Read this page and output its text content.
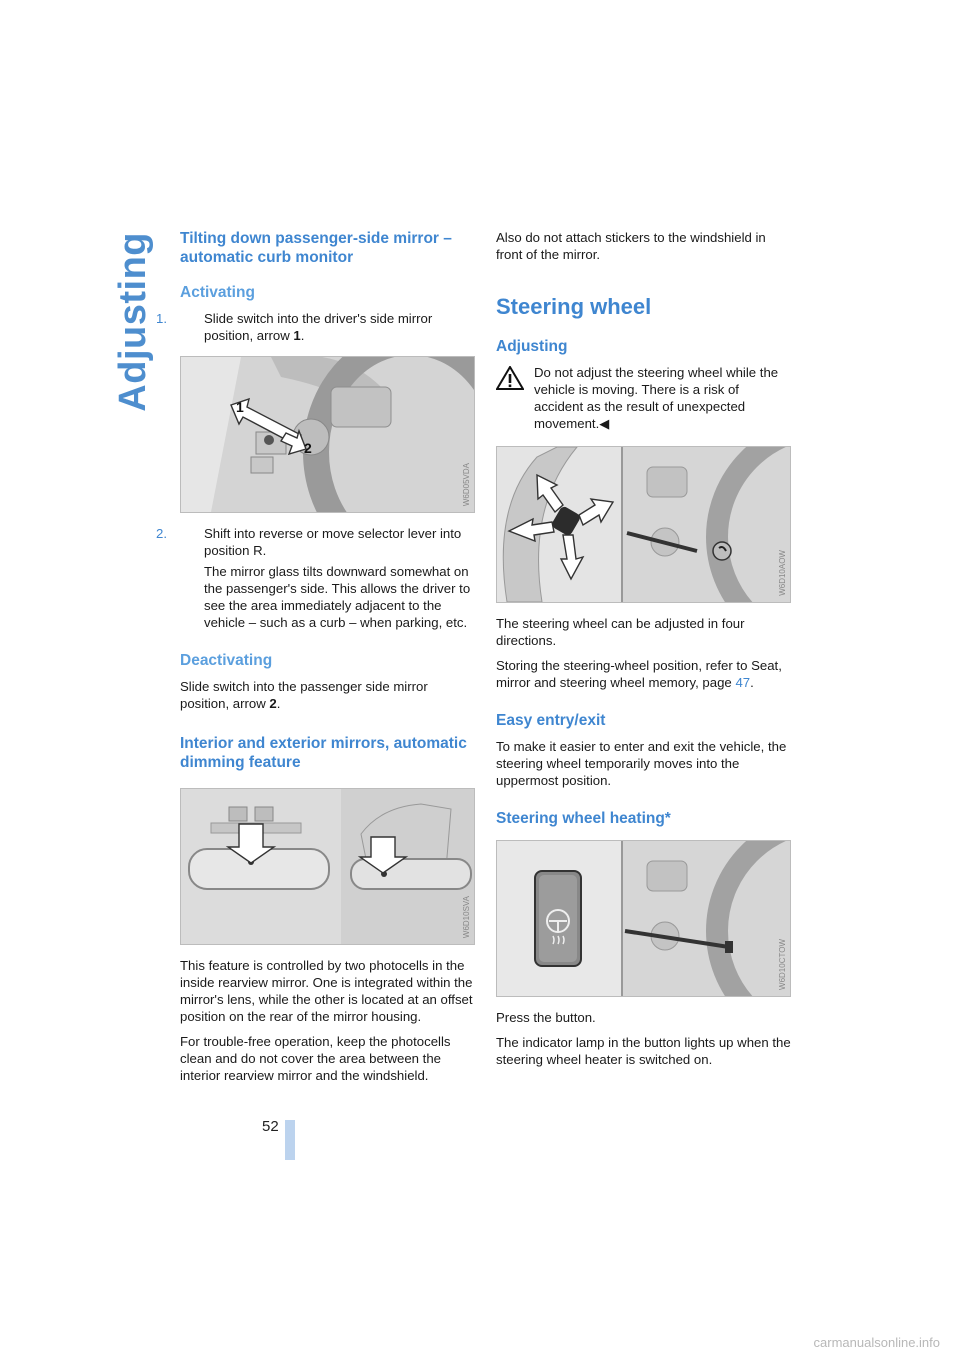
Adjusting Tilting down passenger-side mirror – automatic curb monitor
Activating
1.	Slide switch into the driver's side mirror position, arrow 1.
1
2
W6D05VDA
2.	Shift into reverse or move selector lever into position R.
The mirror glass tilts downward somewhat on the passenger's side. This allows the driver to see the area immediately adjacent to the vehicle – such as a curb – when parking, etc.
Deactivating

Slide switch into the passenger side mirror position, arrow 2.

Interior and exterior mirrors, automatic dimming feature
W6D10SVA

This feature is controlled by two photocells in the inside rearview mirror. One is integrated within the mirror's lens, while the other is located at an offset position on the rear of the mirror housing.

For trouble-free operation, keep the photocells clean and do not cover the area between the interior rearview mirror and the windshield.

Also do not attach stickers to the windshield in front of the mirror.

Steering wheel
Adjusting
Do not adjust the steering wheel while the vehicle is moving. There is a risk of accident as the result of unexpected movement.◀
W6D10AOW

The steering wheel can be adjusted in four directions.

Storing the steering-wheel position, refer to Seat, mirror and steering wheel memory, page 47.

Easy entry/exit

To make it easier to enter and exit the vehicle, the steering wheel temporarily moves into the uppermost position.

Steering wheel heating*
W6D10CTOW

Press the button.

The indicator lamp in the button lights up when the steering wheel heater is switched on.

52
carmanualsonline.info
